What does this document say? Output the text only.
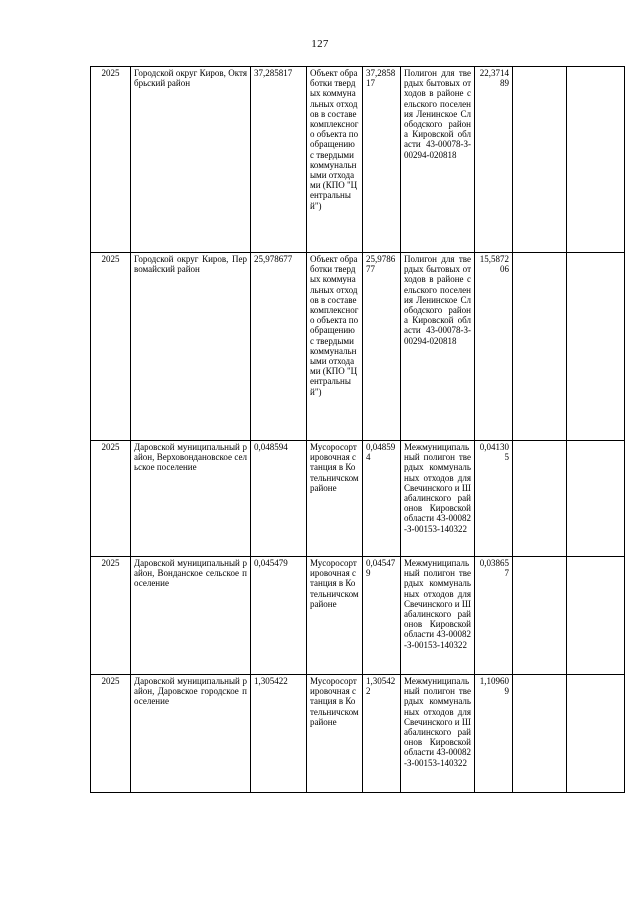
127
2025	Городской округ Киров, Октябрьский район	37,285817	Объект обработки твердых коммунальных отходов в составе комплексного объекта по обращению с твердыми коммунальными отходами (КПО "Центральный")	37,285817	Полигон для твердых бытовых отходов в районе сельского поселения Ленинское Слободского района Кировской области 43-00078-З-00294-020818	22,371489		
2025	Городской округ Киров, Первомайский район	25,978677	Объект обработки твердых коммунальных отходов в составе комплексного объекта по обращению с твердыми коммунальными отходами (КПО "Центральный")	25,978677	Полигон для твердых бытовых отходов в районе сельского поселения Ленинское Слободского района Кировской области 43-00078-З-00294-020818	15,587206		
2025	Даровской муниципальный район, Верховондановское сельское поселение	0,048594	Мусоросортировочная станция в Котельничском районе	0,048594	Межмуниципальный полигон твердых коммунальных отходов для Свечинского и Шабалинского районов Кировской области 43-00082-З-00153-140322	0,041305		
2025	Даровской муниципальный район, Вонданское сельское поселение	0,045479	Мусоросортировочная станция в Котельничском районе	0,045479	Межмуниципальный полигон твердых коммунальных отходов для Свечинского и Шабалинского районов Кировской области 43-00082-З-00153-140322	0,038657		
2025	Даровской муниципальный район, Даровское городское поселение	1,305422	Мусоросортировочная станция в Котельничском районе	1,305422	Межмуниципальный полигон твердых коммунальных отходов для Свечинского и Шабалинского районов Кировской области 43-00082-З-00153-140322	1,109609		
